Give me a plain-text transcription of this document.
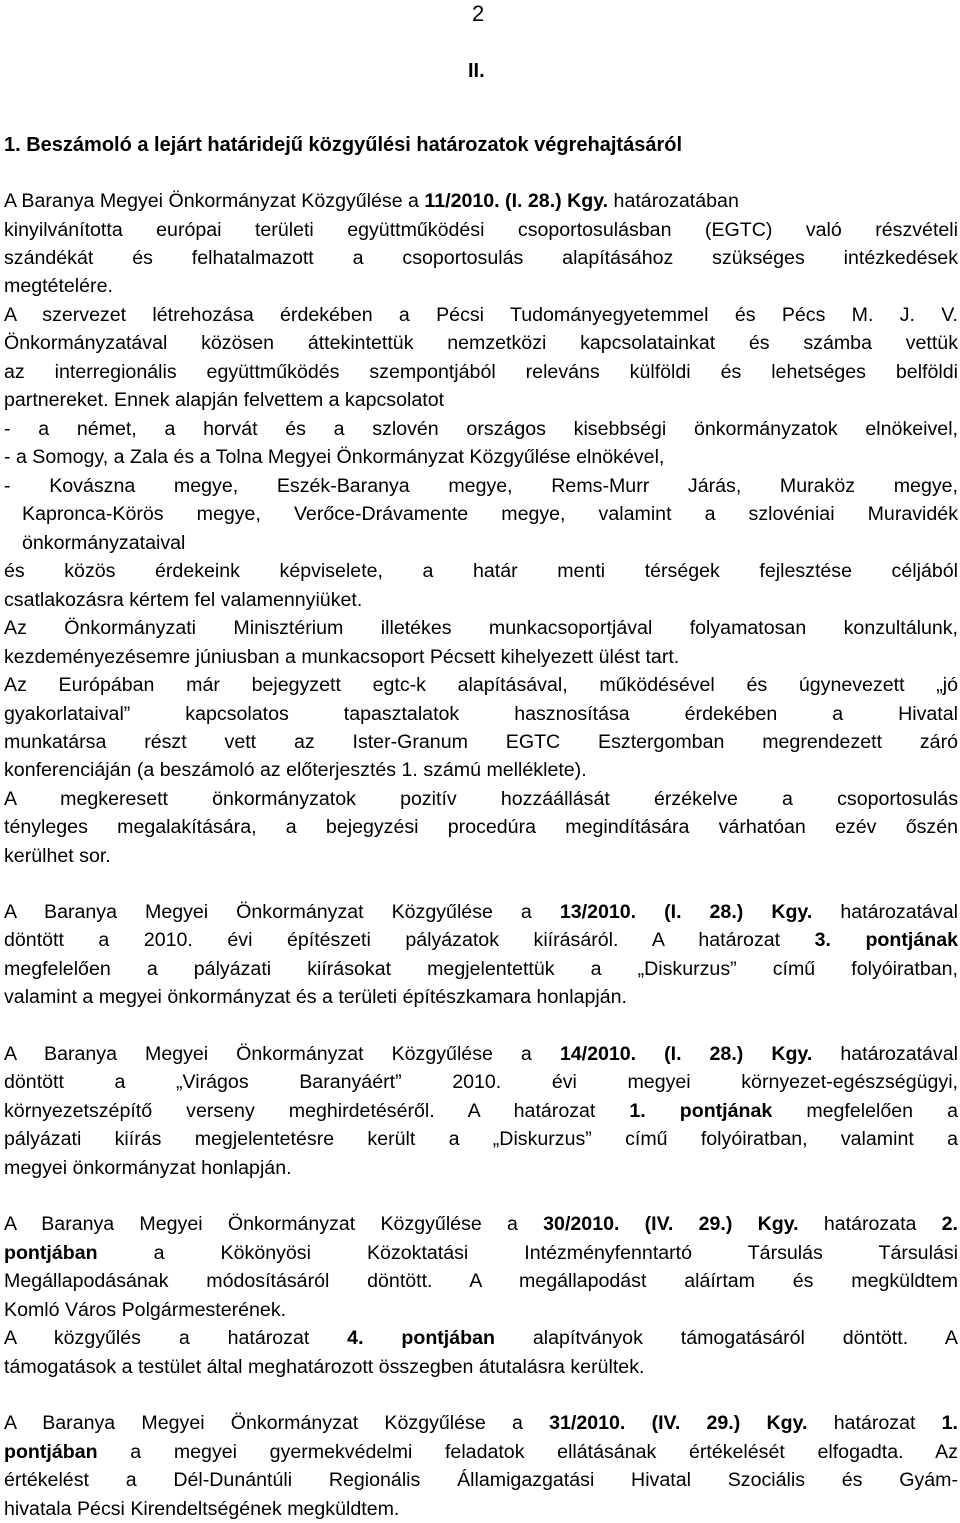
2
II.
1. Beszámoló a lejárt határidejű közgyűlési határozatok végrehajtásáról
A Baranya Megyei Önkormányzat Közgyűlése a 11/2010. (I. 28.) Kgy. határozatában
kinyilvánította európai területi együttműködési csoportosulásban (EGTC) való részvételi
szándékát és felhatalmazott a csoportosulás alapításához szükséges intézkedések
megtételére.
A szervezet létrehozása érdekében a Pécsi Tudományegyetemmel és Pécs M. J. V.
Önkormányzatával közösen áttekintettük nemzetközi kapcsolatainkat és számba vettük
az interregionális együttműködés szempontjából releváns külföldi és lehetséges belföldi
partnereket. Ennek alapján felvettem a kapcsolatot
- a német, a horvát és a szlovén országos kisebbségi önkormányzatok elnökeivel,
- a Somogy, a Zala és a Tolna Megyei Önkormányzat Közgyűlése elnökével,
- Kovászna megye, Eszék-Baranya megye, Rems-Murr Járás, Muraköz megye,
Kapronca-Körös megye, Verőce-Drávamente megye, valamint a szlovéniai Muravidék
önkormányzataival
és közös érdekeink képviselete, a határ menti térségek fejlesztése céljából
csatlakozásra kértem fel valamennyiüket.
Az Önkormányzati Minisztérium illetékes munkacsoportjával folyamatosan konzultálunk,
kezdeményezésemre júniusban a munkacsoport Pécsett kihelyezett ülést tart.
Az Európában már bejegyzett egtc-k alapításával, működésével és úgynevezett „jó
gyakorlataival” kapcsolatos tapasztalatok hasznosítása érdekében a Hivatal
munkatársa részt vett az Ister-Granum EGTC Esztergomban megrendezett záró
konferenciáján (a beszámoló az előterjesztés 1. számú melléklete).
A megkeresett önkormányzatok pozitív hozzáállását érzékelve a csoportosulás
tényleges megalakítására, a bejegyzési procedúra megindítására várhatóan ezév őszén
kerülhet sor.
A Baranya Megyei Önkormányzat Közgyűlése a 13/2010. (I. 28.) Kgy. határozatával
döntött a 2010. évi építészeti pályázatok kiírásáról. A határozat 3. pontjának
megfelelően a pályázati kiírásokat megjelentettük a „Diskurzus” című folyóiratban,
valamint a megyei önkormányzat és a területi építészkamara honlapján.
A Baranya Megyei Önkormányzat Közgyűlése a 14/2010. (I. 28.) Kgy. határozatával
döntött a „Virágos Baranyáért” 2010. évi megyei környezet-egészségügyi,
környezetszépítő verseny meghirdetéséről. A határozat 1. pontjának megfelelően a
pályázati kiírás megjelentetésre került a „Diskurzus” című folyóiratban, valamint a
megyei önkormányzat honlapján.
A Baranya Megyei Önkormányzat Közgyűlése a 30/2010. (IV. 29.) Kgy. határozata 2.
pontjában a Kökönyösi Közoktatási Intézményfenntartó Társulás Társulási
Megállapodásának módosításáról döntött. A megállapodást aláírtam és megküldtem
Komló Város Polgármesterének.
A közgyűlés a határozat 4. pontjában alapítványok támogatásáról döntött. A
támogatások a testület által meghatározott összegben átutalásra kerültek.
A Baranya Megyei Önkormányzat Közgyűlése a 31/2010. (IV. 29.) Kgy. határozat 1.
pontjában a megyei gyermekvédelmi feladatok ellátásának értékelését elfogadta. Az
értékelést a Dél-Dunántúli Regionális Államigazgatási Hivatal Szociális és Gyám-
hivatala Pécsi Kirendeltségének megküldtem.
